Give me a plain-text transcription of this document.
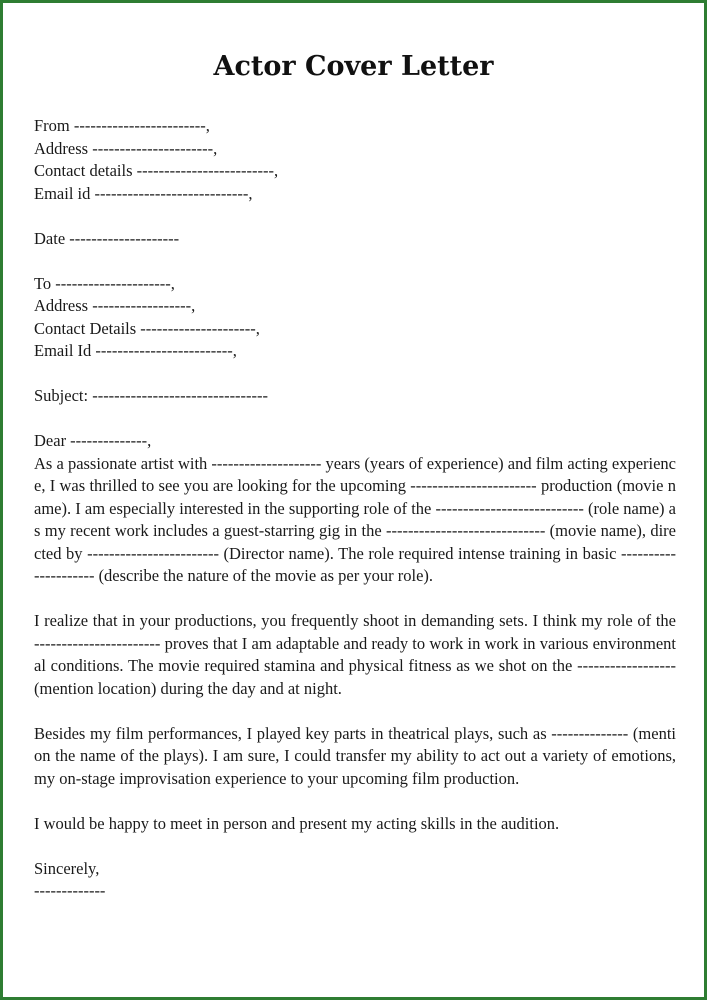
Actor Cover Letter

From ------------------------,

Address ----------------------,

Contact details -------------------------,

Email id ----------------------------,

Date --------------------

To ---------------------,

Address ------------------,

Contact Details ---------------------,

Email Id -------------------------,

Subject: --------------------------------

Dear --------------,

As a passionate artist with -------------------- years (years of experience) and film acting experience, I was thrilled to see you are looking for the upcoming ----------------------- production (movie name). I am especially interested in the supporting role of the --------------------------- (role name) as my recent work includes a guest-starring gig in the ----------------------------- (movie name), directed by ------------------------ (Director name). The role required intense training in basic --------------------- (describe the nature of the movie as per your role).

I realize that in your productions, you frequently shoot in demanding sets. I think my role of the ----------------------- proves that I am adaptable and ready to work in work in various environmental conditions. The movie required stamina and physical fitness as we shot on the ------------------ (mention location) during the day and at night.

Besides my film performances, I played key parts in theatrical plays, such as -------------- (mention the name of the plays). I am sure, I could transfer my ability to act out a variety of emotions, my on-stage improvisation experience to your upcoming film production.

I would be happy to meet in person and present my acting skills in the audition.

Sincerely,

-------------
